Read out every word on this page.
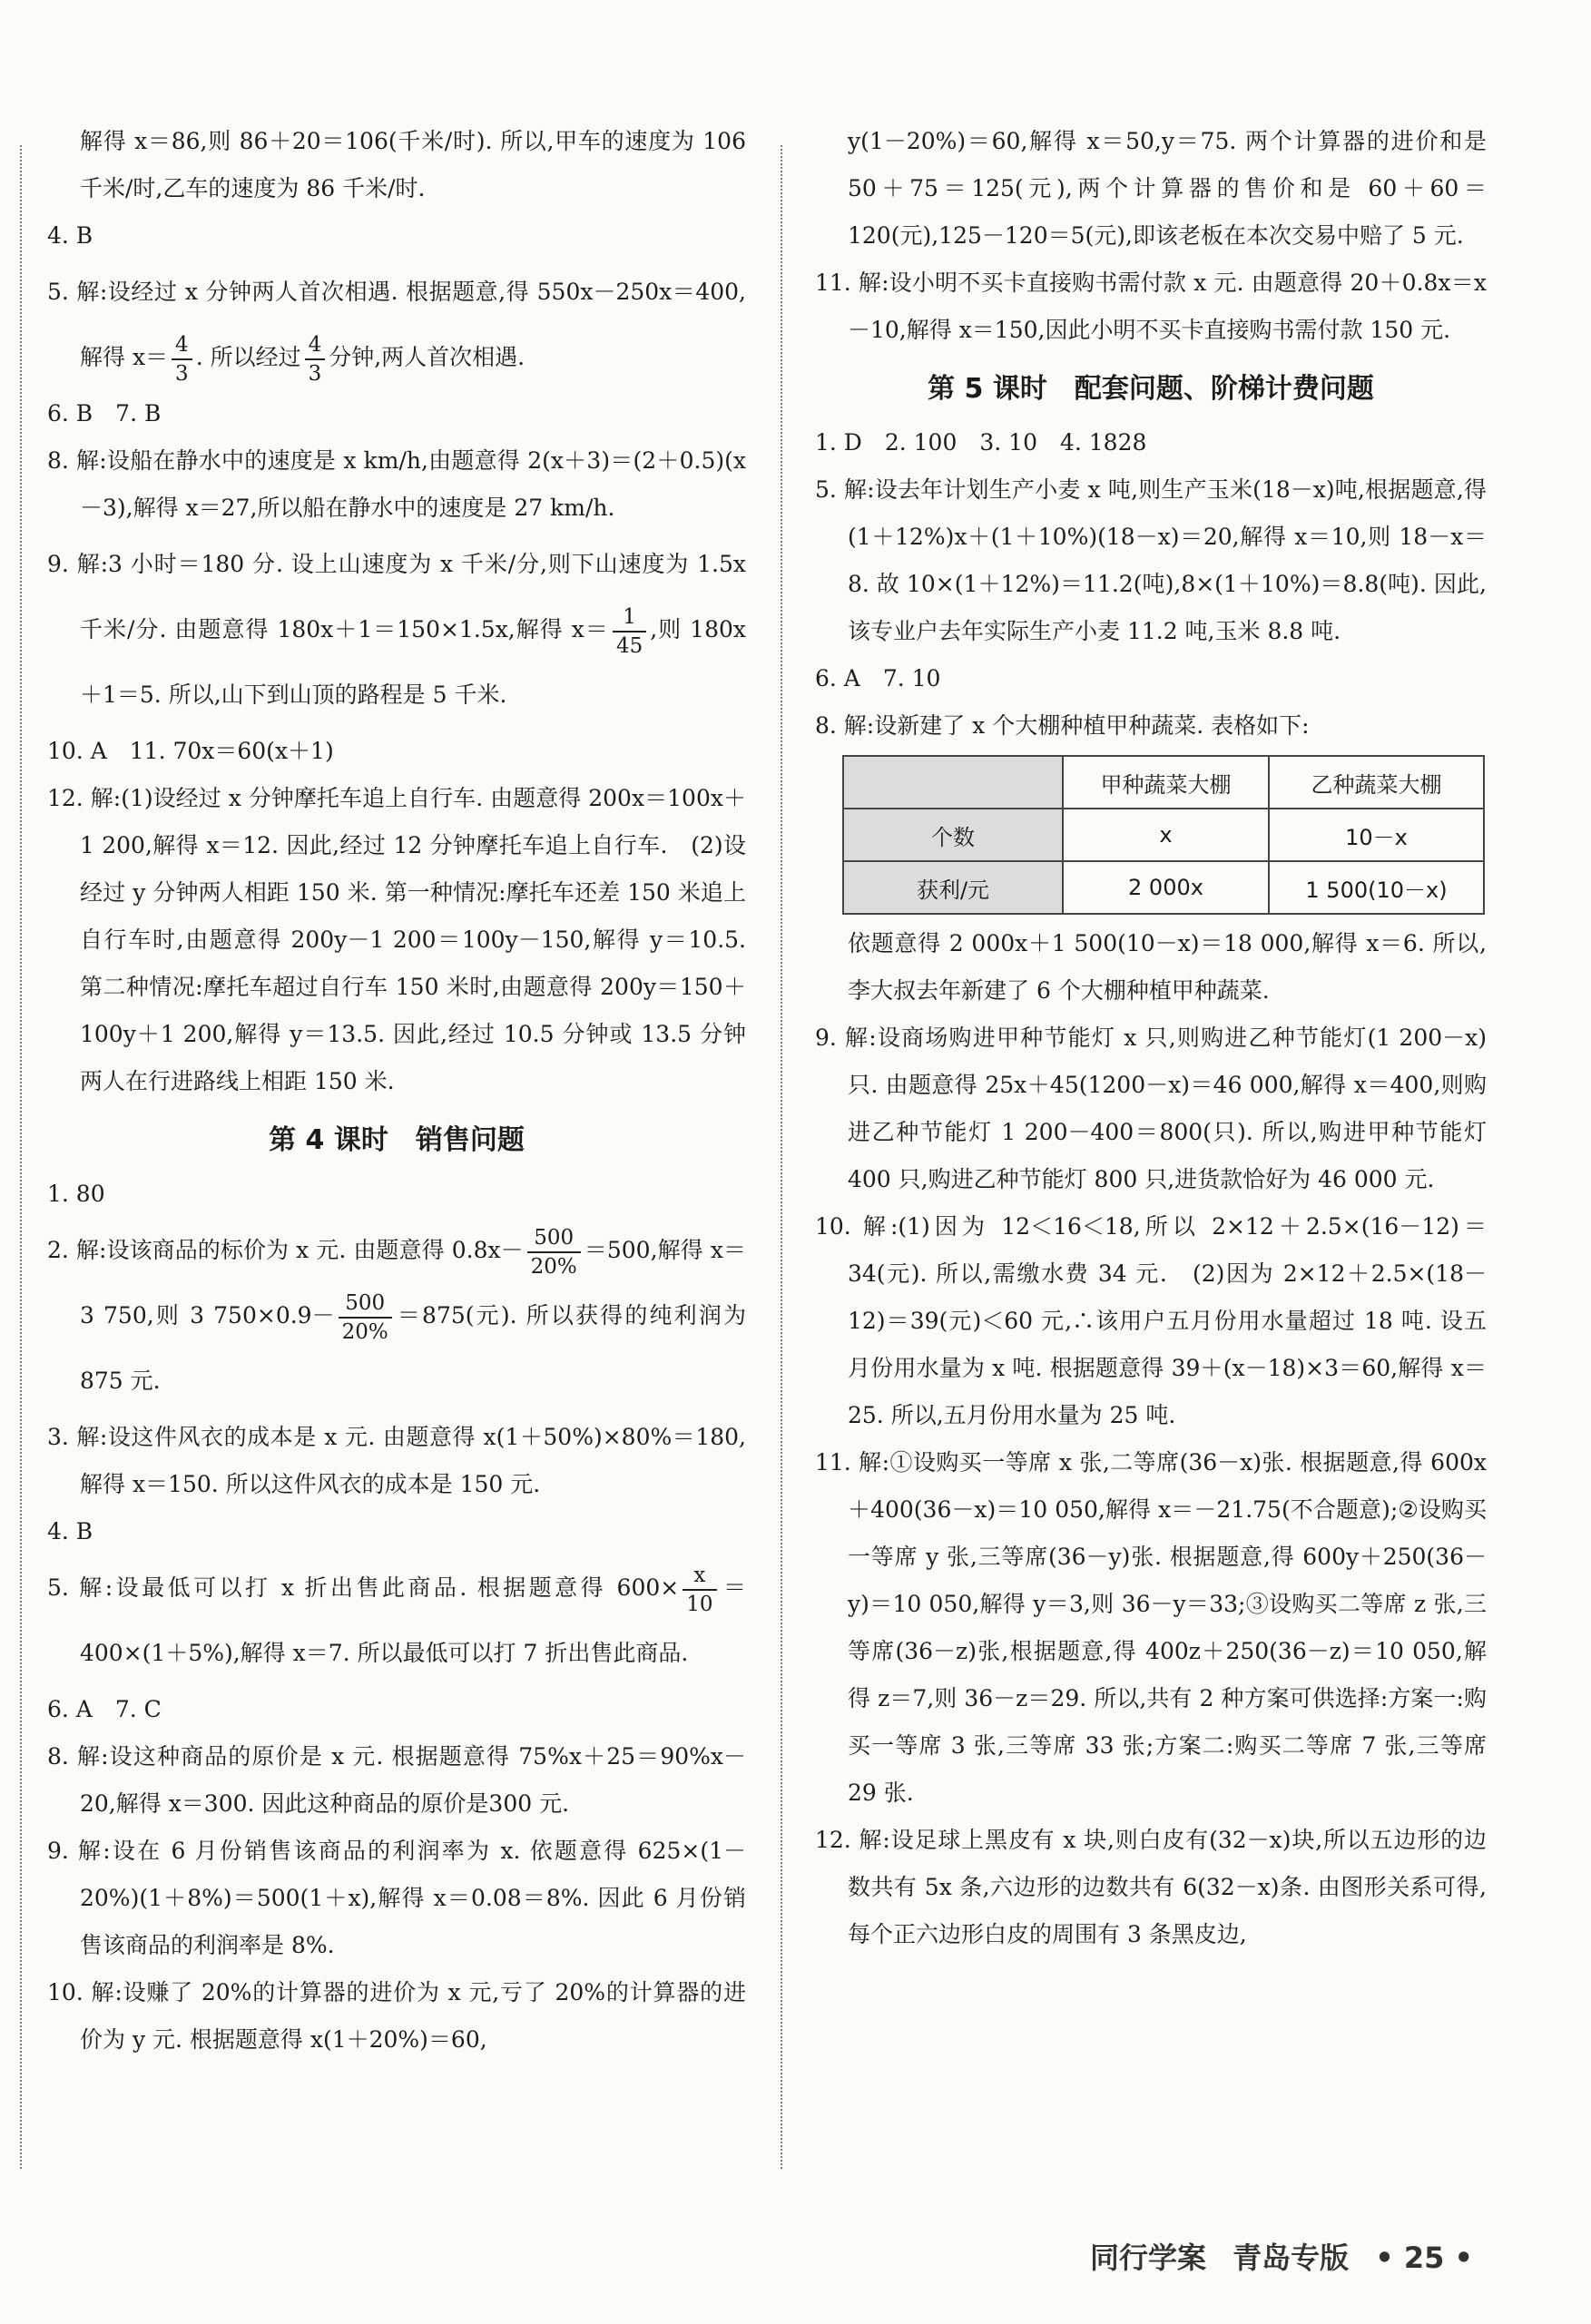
解得 x＝86,则 86＋20＝106(千米/时). 所以,甲车的速度为 106 千米/时,乙车的速度为 86 千米/时.

4. B

5. 解:设经过 x 分钟两人首次相遇. 根据题意,得 550x－250x＝400,解得 $x= \frac{4}{3}$ . 所以经过 $\frac{4}{3}$ 分钟,两人首次相遇.

6. B　7. B

8. 解:设船在静水中的速度是 x km/h,由题意得 2(x＋3)＝(2＋0.5)(x－3),解得 x＝27,所以船在静水中的速度是 27 km/h.

9. 解:3 小时＝180 分. 设上山速度为 x 千米/分,则下山速度为 1.5x 千米/分. 由题意得 180x＋1＝150×1.5x,解得 $x= \frac{1}{45}$ ,则 180x＋1＝5. 所以,山下到山顶的路程是 5 千米.

10. A　11. 70x＝60(x＋1)

12. 解:(1)设经过 x 分钟摩托车追上自行车. 由题意得 200x＝100x＋1 200,解得 x＝12. 因此,经过 12 分钟摩托车追上自行车.　(2)设经过 y 分钟两人相距 150 米. 第一种情况:摩托车还差 150 米追上自行车时,由题意得 200y－1 200＝100y－150,解得 y＝10.5. 第二种情况:摩托车超过自行车 150 米时,由题意得 200y＝150＋100y＋1 200,解得 y＝13.5. 因此,经过 10.5 分钟或 13.5 分钟两人在行进路线上相距 150 米.

第 4 课时　销售问题

1. 80

2. 解:设该商品的标价为 x 元. 由题意得 $0.8x- \frac{500}{20\%} =500$,解得 x＝3 750,则 3 $750\times 0.9- \frac{500}{20\%} =875$(元). 所以获得的纯利润为 875 元.

3. 解:设这件风衣的成本是 x 元. 由题意得 x(1＋50%)×80%＝180,解得 x＝150. 所以这件风衣的成本是 150 元.

4. B

5. 解:设最低可以打 x 折出售此商品. 根据题意得 $600\times \frac{x}{10} =400\times(1+5\%)$,解得 x＝7. 所以最低可以打 7 折出售此商品.

6. A　7. C

8. 解:设这种商品的原价是 x 元. 根据题意得 75%x＋25＝90%x－20,解得 x＝300. 因此这种商品的原价是300 元.

9. 解:设在 6 月份销售该商品的利润率为 x. 依题意得 625×(1－20%)(1＋8%)＝500(1＋x),解得 x＝0.08＝8%. 因此 6 月份销售该商品的利润率是 8%.

10. 解:设赚了 20%的计算器的进价为 x 元,亏了 20%的计算器的进价为 y 元. 根据题意得 x(1＋20%)＝60,

y(1－20%)＝60,解得 x＝50,y＝75. 两个计算器的进价和是 50＋75＝125(元),两个计算器的售价和是 60＋60＝120(元),125－120＝5(元),即该老板在本次交易中赔了 5 元.

11. 解:设小明不买卡直接购书需付款 x 元. 由题意得 20＋0.8x＝x－10,解得 x＝150,因此小明不买卡直接购书需付款 150 元.

第 5 课时　配套问题、阶梯计费问题

1. D　2. 100　3. 10　4. 1828

5. 解:设去年计划生产小麦 x 吨,则生产玉米(18－x)吨,根据题意,得(1＋12%)x＋(1＋10%)(18－x)＝20,解得 x＝10,则 18－x＝8. 故 10×(1＋12%)＝11.2(吨),8×(1＋10%)＝8.8(吨). 因此,该专业户去年实际生产小麦 11.2 吨,玉米 8.8 吨.

6. A　7. 10

8. 解:设新建了 x 个大棚种植甲种蔬菜. 表格如下:

	甲种蔬菜大棚	乙种蔬菜大棚
个数	x	10－x
获利/元	2 000x	1 500(10－x)

依题意得 2 000x＋1 500(10－x)＝18 000,解得 x＝6. 所以,李大叔去年新建了 6 个大棚种植甲种蔬菜.

9. 解:设商场购进甲种节能灯 x 只,则购进乙种节能灯(1 200－x)只. 由题意得 25x＋45(1200－x)＝46 000,解得 x＝400,则购进乙种节能灯 1 200－400＝800(只). 所以,购进甲种节能灯 400 只,购进乙种节能灯 800 只,进货款恰好为 46 000 元.

10. 解:(1)因为 12＜16＜18,所以 2×12＋2.5×(16－12)＝34(元). 所以,需缴水费 34 元.　(2)因为 2×12＋2.5×(18－12)＝39(元)＜60 元,∴该用户五月份用水量超过 18 吨. 设五月份用水量为 x 吨. 根据题意得 39＋(x－18)×3＝60,解得 x＝25. 所以,五月份用水量为 25 吨.

11. 解:①设购买一等席 x 张,二等席(36－x)张. 根据题意,得 600x＋400(36－x)＝10 050,解得 x＝－21.75(不合题意);②设购买一等席 y 张,三等席(36－y)张. 根据题意,得 600y＋250(36－y)＝10 050,解得 y＝3,则 36－y＝33;③设购买二等席 z 张,三等席(36－z)张,根据题意,得 400z＋250(36－z)＝10 050,解得 z＝7,则 36－z＝29. 所以,共有 2 种方案可供选择:方案一:购买一等席 3 张,三等席 33 张;方案二:购买二等席 7 张,三等席 29 张.

12. 解:设足球上黑皮有 x 块,则白皮有(32－x)块,所以五边形的边数共有 5x 条,六边形的边数共有 6(32－x)条. 由图形关系可得,每个正六边形白皮的周围有 3 条黑皮边,

同行学案 青岛专版 • 25 •
